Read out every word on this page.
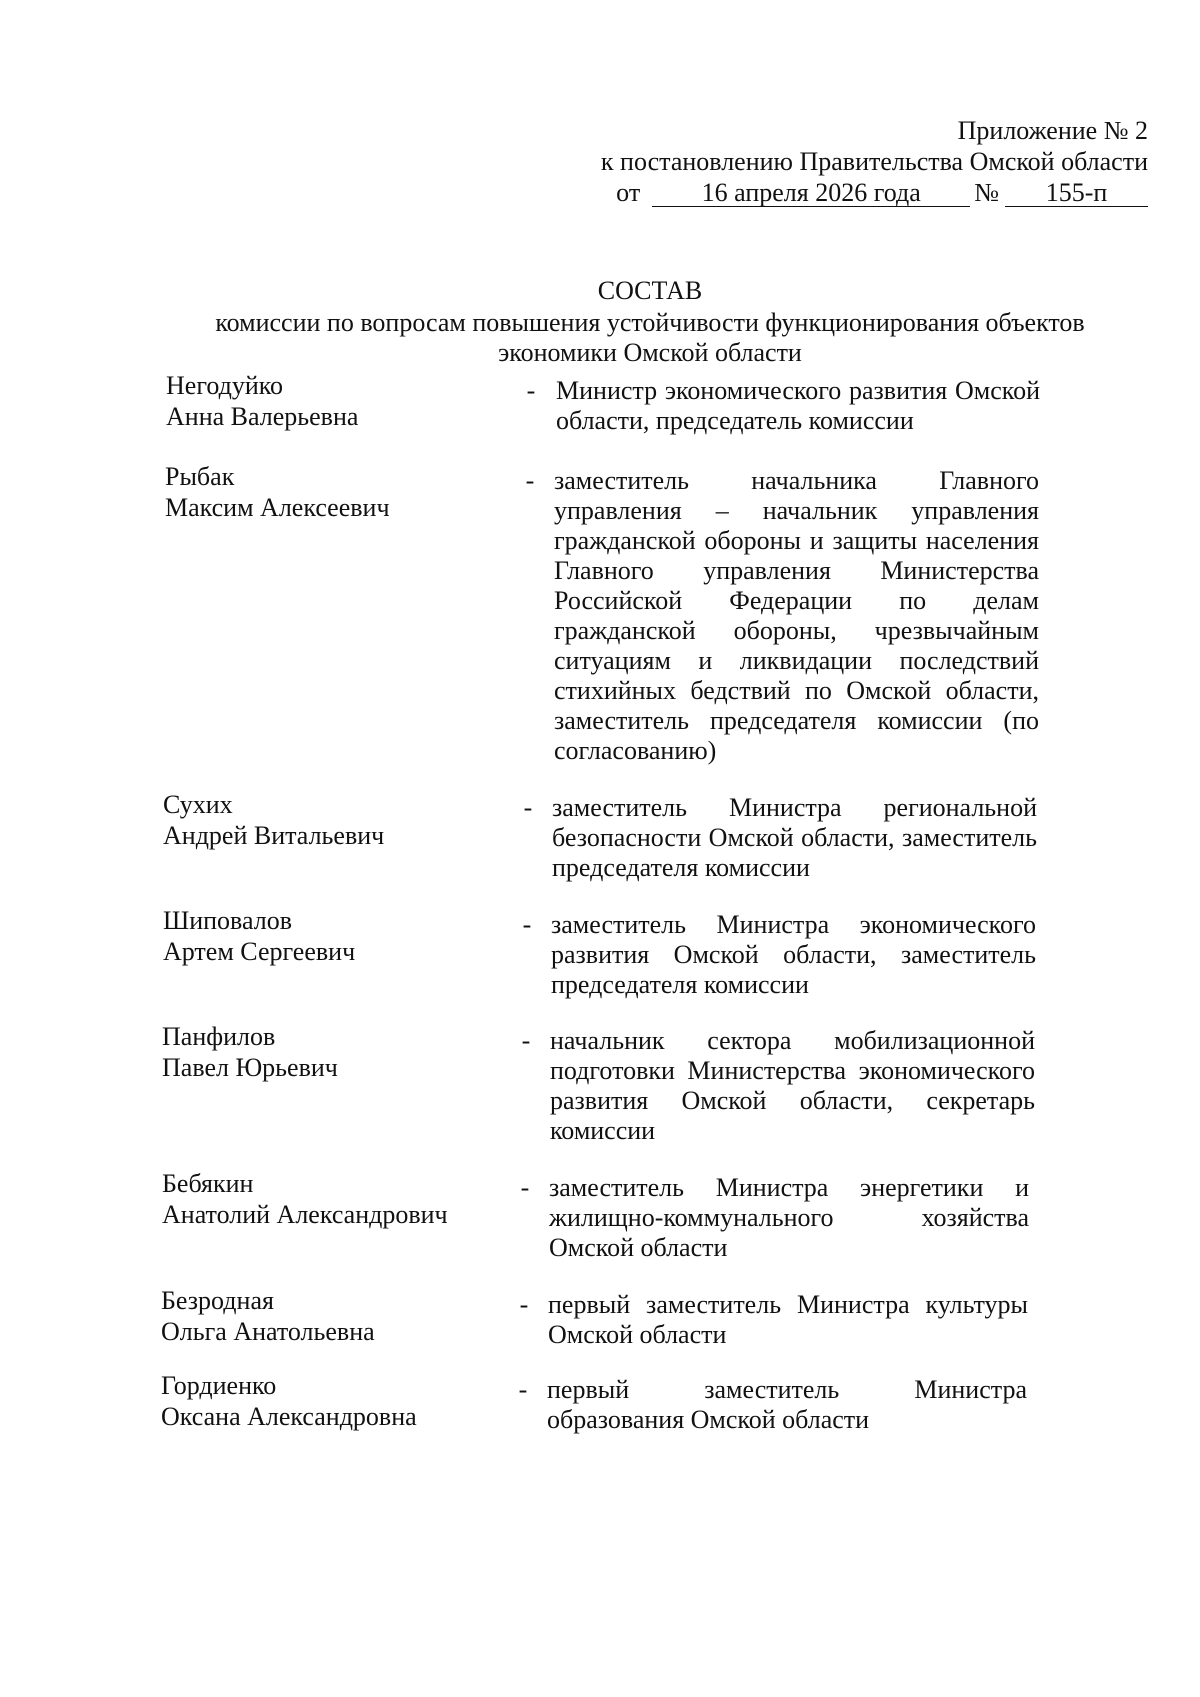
Приложение № 2
к постановлению Правительства Омской области
от	16 апреля 2026 года	№	155-п
СОСТАВ
комиссии по вопросам повышения устойчивости функционирования объектов экономики Омской области
Негодуйко
Анна Валерьевна
- Министр экономического развития Омской области, председатель комиссии
Рыбак
Максим Алексеевич
- заместитель начальника Главного управления – начальник управления гражданской обороны и защиты населения Главного управления Министерства Российской Федерации по делам гражданской обороны, чрезвычайным ситуациям и ликвидации последствий стихийных бедствий по Омской области, заместитель председателя комиссии (по согласованию)
Сухих
Андрей Витальевич
- заместитель Министра региональной безопасности Омской области, заместитель председателя комиссии
Шиповалов
Артем Сергеевич
- заместитель Министра экономического развития Омской области, заместитель председателя комиссии
Панфилов
Павел Юрьевич
- начальник сектора мобилизационной подготовки Министерства экономического развития Омской области, секретарь комиссии
Бебякин
Анатолий Александрович
- заместитель Министра энергетики и жилищно-коммунального хозяйства Омской области
Безродная
Ольга Анатольевна
- первый заместитель Министра культуры Омской области
Гордиенко
Оксана Александровна
- первый заместитель Министра образования Омской области
